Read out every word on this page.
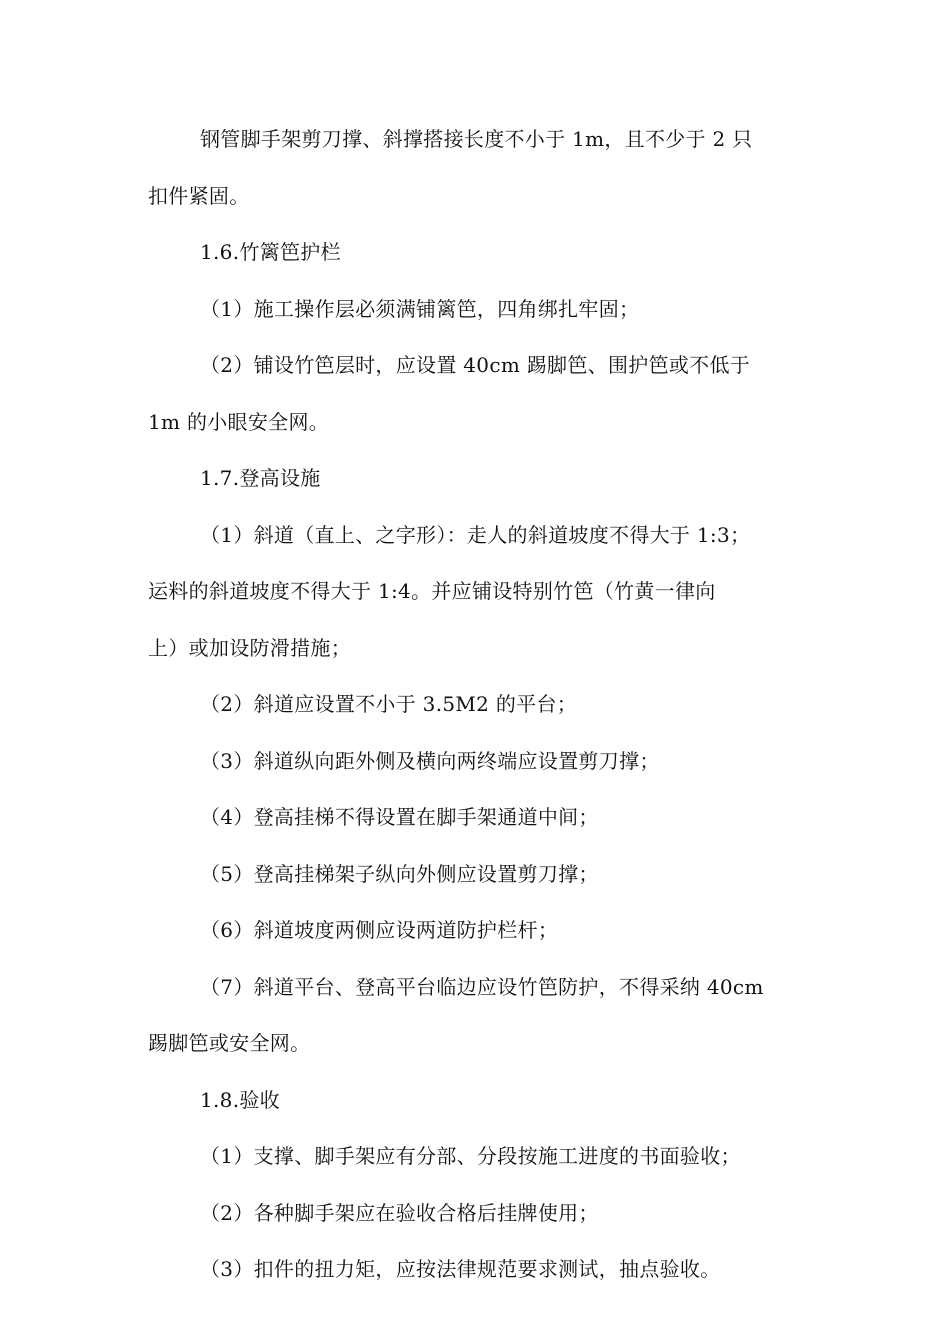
钢管脚手架剪刀撑、斜撑搭接长度不小于 1m，且不少于 2 只
扣件紧固。
1.6.竹篱笆护栏
（1）施工操作层必须满铺篱笆，四角绑扎牢固；
（2）铺设竹笆层时，应设置 40cm 踢脚笆、围护笆或不低于
1m 的小眼安全网。
1.7.登高设施
（1）斜道（直上、之字形）：走人的斜道坡度不得大于 1:3；
运料的斜道坡度不得大于 1:4。并应铺设特别竹笆（竹黄一律向
上）或加设防滑措施；
（2）斜道应设置不小于 3.5M2 的平台；
（3）斜道纵向距外侧及横向两终端应设置剪刀撑；
（4）登高挂梯不得设置在脚手架通道中间；
（5）登高挂梯架子纵向外侧应设置剪刀撑；
（6）斜道坡度两侧应设两道防护栏杆；
（7）斜道平台、登高平台临边应设竹笆防护，不得采纳 40cm
踢脚笆或安全网。
1.8.验收
（1）支撑、脚手架应有分部、分段按施工进度的书面验收；
（2）各种脚手架应在验收合格后挂牌使用；
（3）扣件的扭力矩，应按法律规范要求测试，抽点验收。
